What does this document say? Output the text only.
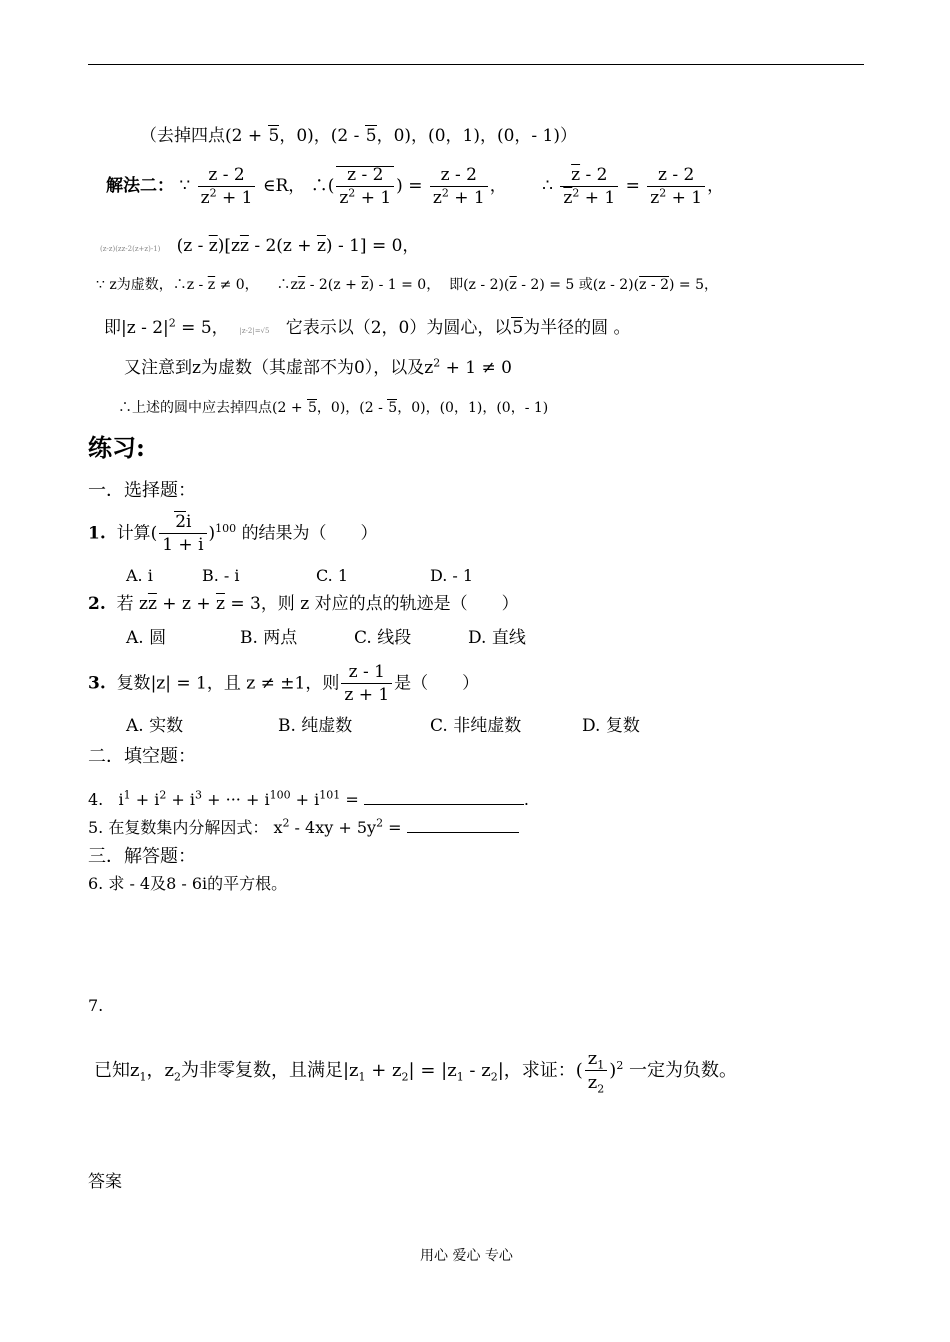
（去掉四点(2 + 5，0)，(2 - 5，0)，(0，1)，(0，- 1)）
解法二： ∵ $\frac{z - 2}{z^2 + 1}$ ∈R， ∴( $\frac{z - 2}{z^2 + 1}$ ) = $\frac{z - 2}{z^2 + 1}$ ， ∴ $\frac{\overline{z} - 2}{\overline{z}^2 + 1} = \frac{z - 2}{z^2 + 1}$ ，
(z-z)(zz-2(z+z)-1)   $(z - \overline{z})[z\overline{z} - 2(z + \overline{z}) - 1] = 0$，
∵ z为虚数，∴z - $\overline{z} \ne 0$，    $\therefore z\overline{z} - 2(z + \overline{z}) - 1 = 0$，  即$(z - 2)(\overline{z} - 2) = 5$ 或(z - 2)(z - 2) = 5，
即$|z - 2|^2 = 5$，  |z-2|=√5   它表示以（2，0）为圆心，以5为半径的圆 。
又注意到z为虚数（其虚部不为0），以及$z^2 + 1 \ne 0$
∴上述的圆中应去掉四点(2 + 5，0)，(2 - 5，0)，(0，1)，(0，- 1)
练习:
一．选择题：
1. 计算( $\frac{2i}{1 + i} )^{100}$ 的结果为（　　）
A. i	B. - i	C. 1	D. - 1
2. 若 $z\overline{z} + z + \overline{z} = 3$，则 z 对应的点的轨迹是（　　）
A. 圆	B. 两点	C. 线段	D. 直线
3. 复数|z| = 1，且 z ≠ ±1，则 $\frac{z - 1}{z + 1}$ 是（　　）
A. 实数	B. 纯虚数	C. 非纯虚数	D. 复数
二．填空题：
4.   $i^1 + i^2 + i^3$ + ··· + $i^{100} + i^{101}$ =	.
5. 在复数集内分解因式： $x^2 - 4xy + 5y^2$ =
三．解答题：
6. 求 - 4及8 - 6i的平方根。
7.
已知$z_1$，$z_2$为非零复数，且满足$|z_1 + z_2| = |z_1 - z_2|$，求证：( $\frac{z_1}{z_2} )^2$ 一定为负数。
答案
用心 爱心 专心
